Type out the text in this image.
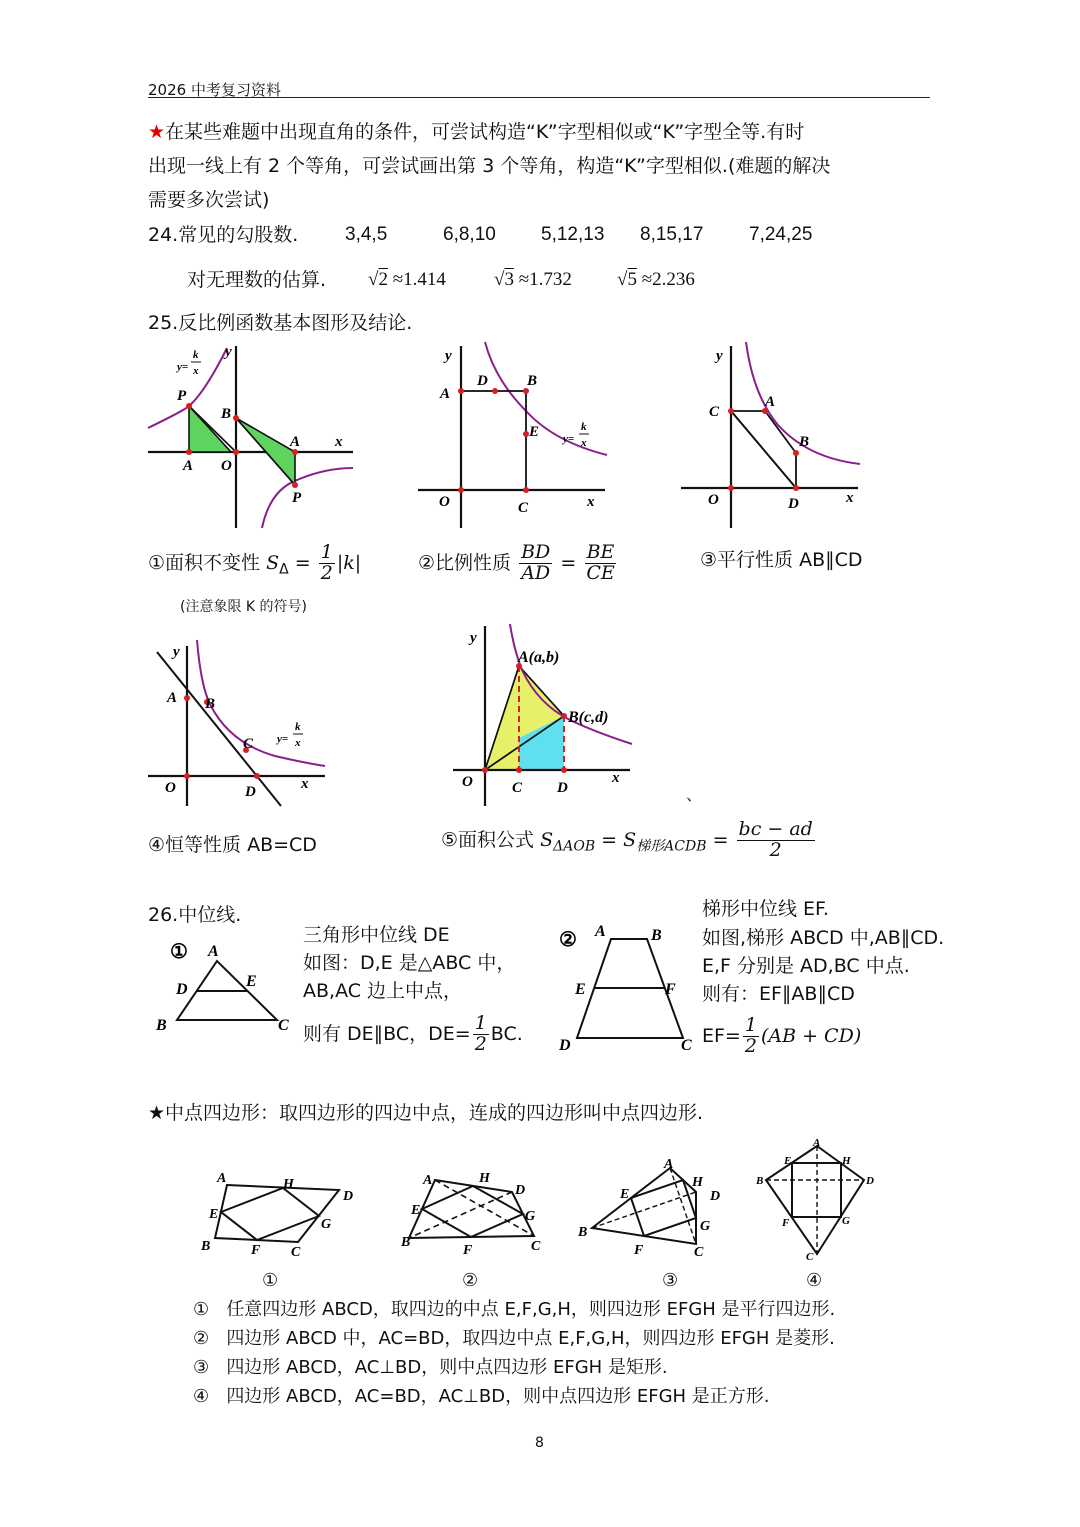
2026 中考复习资料
★在某些难题中出现直角的条件，可尝试构造“K”字型相似或“K”字型全等.有时
出现一线上有 2 个等角，可尝试画出第 3 个等角，构造“K”字型相似.(难题的解决
需要多次尝试)
24.常见的勾股数. 3,4,5	6,8,10 5,12,13 8,15,17 7,24,25
对无理数的估算. √2 ≈1.414	√3 ≈1.732 √5 ≈2.236
25.反比例函数基本图形及结论.
y
P
B
A x
A O
P
y=
k
x
y
A
D	B
E
O	C	x
y=
k
x
y
C
A
B
O	D	x
①面积不变性 $S_\Delta = \frac{1}{2} |k|$
(注意象限 K 的符号)
②比例性质 $\frac{BD}{AD} = \frac{BE}{CE}$	③平行性质 AB∥CD
y
A B
C
O	D	x
y=
k
x
y
A(a,b)
B(c,d)
O	C D
x
、
④恒等性质 AB=CD	⑤面积公式 $S_{\Delta AOB} = S_{梯形ACDB} = \frac{bc - ad}{2}$
26.中位线.
① A
D	E
B	C
三角形中位线 DE
如图：D,E 是△ABC 中，
AB,AC 边上中点，
则有 DE∥BC，$DE= \frac{1}{2}$ BC.
② A	B
E	F
D	C
梯形中位线 EF.
如图,梯形 ABCD 中,AB∥CD.
E,F 分别是 AD,BC 中点.
则有：EF∥AB∥CD
$EF= \frac{1}{2} (AB + CD)$
★中点四边形：取四边形的四边中点，连成的四边形叫中点四边形.
A	H
D
E
G
B	F C
A	H
D
E	G
B
F	C
A
H
D
E
G
B
F	C
A
E	H
B	D
F	G
C
①	②	③	④
① 任意四边形 ABCD，取四边的中点 E,F,G,H，则四边形 EFGH 是平行四边形.
② 四边形 ABCD 中，AC=BD，取四边中点 E,F,G,H，则四边形 EFGH 是菱形.
③ 四边形 ABCD，AC⊥BD，则中点四边形 EFGH 是矩形.
④ 四边形 ABCD，AC=BD，AC⊥BD，则中点四边形 EFGH 是正方形.
8
